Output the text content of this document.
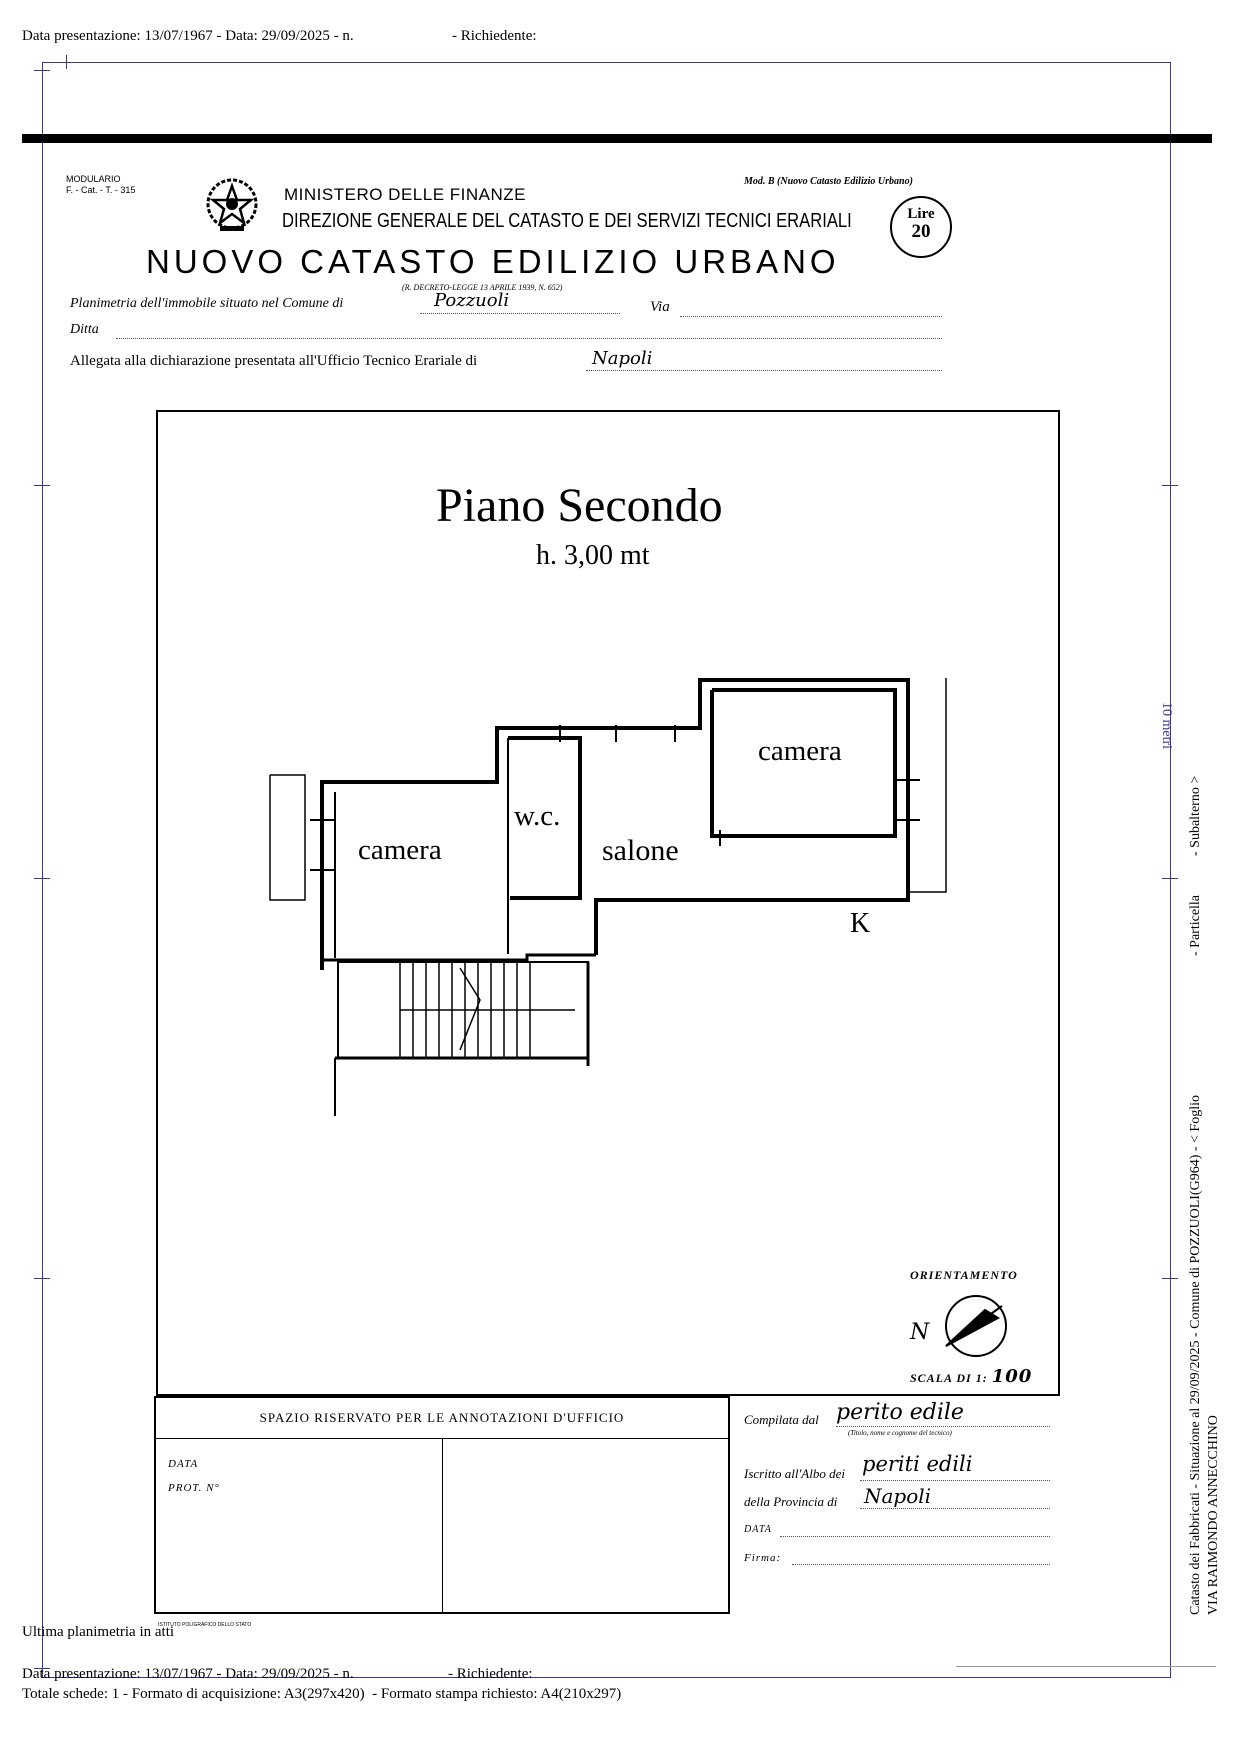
Data presentazione: 13/07/1967 - Data: 29/09/2025 - n.	- Richiedente:
MODULARIO
F. - Cat. - T. - 315	MINISTERO DELLE FINANZE
DIREZIONE GENERALE DEL CATASTO E DEI SERVIZI TECNICI ERARIALI
Mod. B (Nuovo Catasto Edilizio Urbano)
Lire
20
NUOVO CATASTO EDILIZIO URBANO
(R. DECRETO-LEGGE 13 APRILE 1939, N. 652)
Planimetria dell'immobile situato nel Comune di	Pozzuoli	Via
Ditta
Allegata alla dichiarazione presentata all'Ufficio Tecnico Erariale di	Napoli
Piano Secondo
h. 3,00 mt
camera
w.c.
salone
camera
K
ORIENTAMENTO
N
SCALA DI 1: 100
SPAZIO RISERVATO PER LE ANNOTAZIONI D'UFFICIO
DATA
PROT. N°
ISTITUTO POLIGRAFICO DELLO STATO
Compilata dal perito edile
(Titolo, nome e cognome del tecnico)
Iscritto all'Albo dei periti edili
della Provincia di Napoli
DATA
Firma:
10 metri
- Subalterno >
- Particella
Catasto dei Fabbricati - Situazione al 29/09/2025 - Comune di POZZUOLI(G964) - < Foglio VIA RAIMONDO ANNECCHINO
Ultima planimetria in atti
Data presentazione: 13/07/1967 - Data: 29/09/2025 - n.	- Richiedente:
Totale schede: 1 - Formato di acquisizione: A3(297x420)  - Formato stampa richiesto: A4(210x297)
